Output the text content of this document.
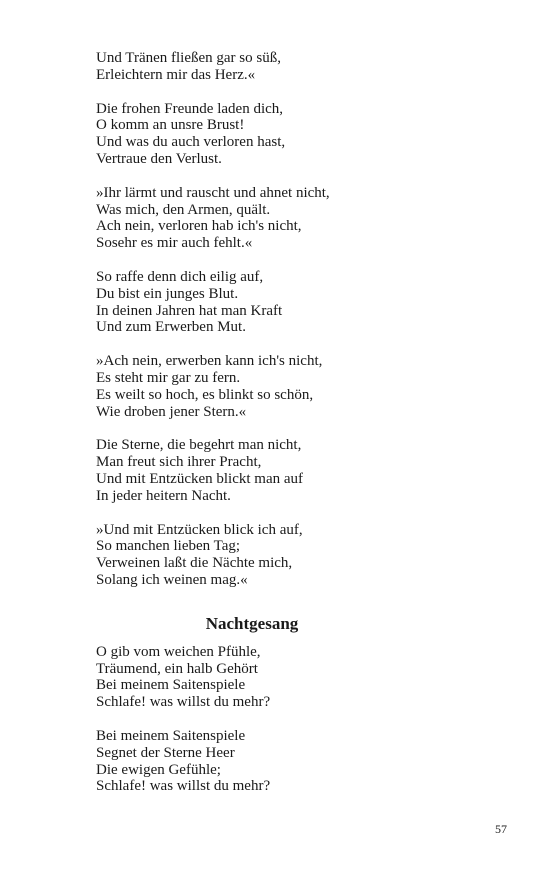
Und Tränen fließen gar so süß,
Erleichtern mir das Herz.«
Die frohen Freunde laden dich,
O komm an unsre Brust!
Und was du auch verloren hast,
Vertraue den Verlust.
»Ihr lärmt und rauscht und ahnet nicht,
Was mich, den Armen, quält.
Ach nein, verloren hab ich's nicht,
Sosehr es mir auch fehlt.«
So raffe denn dich eilig auf,
Du bist ein junges Blut.
In deinen Jahren hat man Kraft
Und zum Erwerben Mut.
»Ach nein, erwerben kann ich's nicht,
Es steht mir gar zu fern.
Es weilt so hoch, es blinkt so schön,
Wie droben jener Stern.«
Die Sterne, die begehrt man nicht,
Man freut sich ihrer Pracht,
Und mit Entzücken blickt man auf
In jeder heitern Nacht.
»Und mit Entzücken blick ich auf,
So manchen lieben Tag;
Verweinen laßt die Nächte mich,
Solang ich weinen mag.«
Nachtgesang
O gib vom weichen Pfühle,
Träumend, ein halb Gehört
Bei meinem Saitenspiele
Schlafe! was willst du mehr?
Bei meinem Saitenspiele
Segnet der Sterne Heer
Die ewigen Gefühle;
Schlafe! was willst du mehr?
57
